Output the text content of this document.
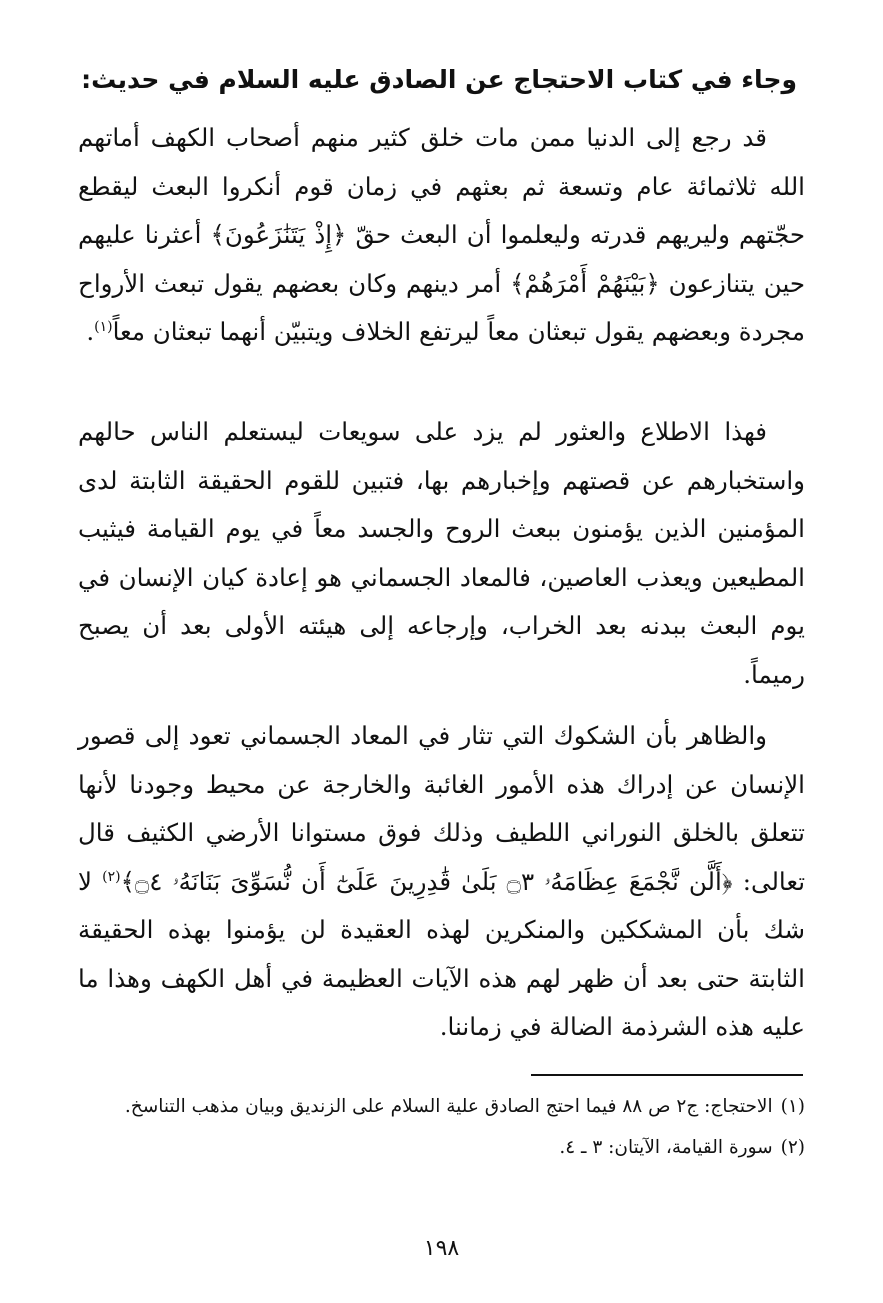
وجاء في كتاب الاحتجاج عن الصادق عليه السلام في حديث:

قد رجع إلى الدنيا ممن مات خلق كثير منهم أصحاب الكهف أماتهم الله ثلاثمائة عام وتسعة ثم بعثهم في زمان قوم أنكروا البعث ليقطع حجّتهم وليريهم قدرته وليعلموا أن البعث حقّ ﴿إِذْ يَتَنَٰزَعُونَ﴾ أعثرنا عليهم حين يتنازعون ﴿بَيْنَهُمْ أَمْرَهُمْ﴾ أمر دينهم وكان بعضهم يقول تبعث الأرواح مجردة وبعضهم يقول تبعثان معاً ليرتفع الخلاف ويتبيّن أنهما تبعثان معاً$^{(١)}$.

فهذا الاطلاع والعثور لم يزد على سويعات ليستعلم الناس حالهم واستخبارهم عن قصتهم وإخبارهم بها، فتبين للقوم الحقيقة الثابتة لدى المؤمنين الذين يؤمنون ببعث الروح والجسد معاً في يوم القيامة فيثيب المطيعين ويعذب العاصين، فالمعاد الجسماني هو إعادة كيان الإنسان في يوم البعث ببدنه بعد الخراب، وإرجاعه إلى هيئته الأولى بعد أن يصبح رميماً.

والظاهر بأن الشكوك التي تثار في المعاد الجسماني تعود إلى قصور الإنسان عن إدراك هذه الأمور الغائبة والخارجة عن محيط وجودنا لأنها تتعلق بالخلق النوراني اللطيف وذلك فوق مستوانا الأرضي الكثيف قال تعالى: ﴿أَلَّن نَّجْمَعَ عِظَامَهُۥ ۝٣ بَلَىٰ قَٰدِرِينَ عَلَىٰٓ أَن نُّسَوِّىَ بَنَانَهُۥ ۝٤﴾$^{(٢)}$ لا شك بأن المشككين والمنكرين لهذه العقيدة لن يؤمنوا بهذه الحقيقة الثابتة حتى بعد أن ظهر لهم هذه الآيات العظيمة في أهل الكهف وهذا ما عليه هذه الشرذمة الضالة في زماننا.

(١)الاحتجاج: ج٢ ص ٨٨ فيما احتج الصادق علية السلام على الزنديق وبيان مذهب التناسخ.

(٢)سورة القيامة، الآيتان: ٣ ـ ٤.

١٩٨
